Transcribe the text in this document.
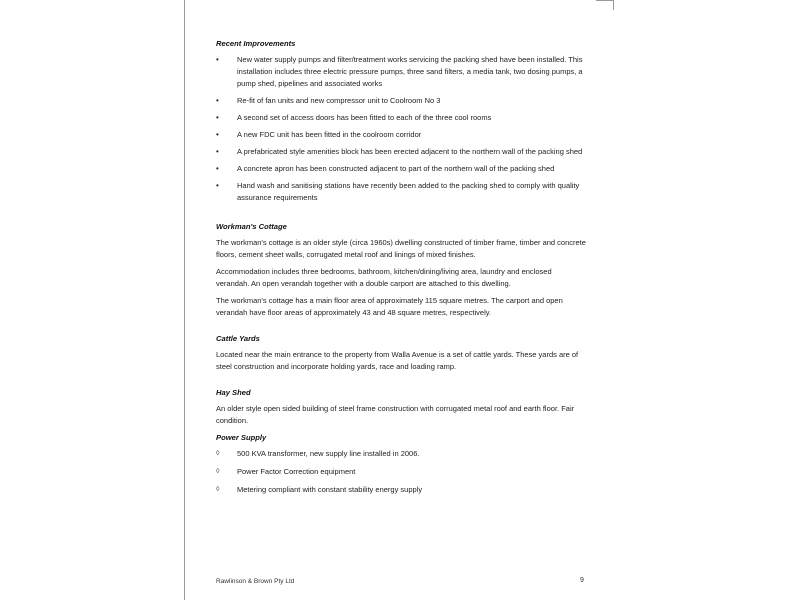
Recent Improvements
•	New water supply pumps and filter/treatment works servicing the packing shed have been installed. This installation includes three electric pressure pumps, three sand filters, a media tank, two dosing pumps, a pump shed, pipelines and associated works
•	Re-fit of fan units and new compressor unit to Coolroom No 3
•	A second set of access doors has been fitted to each of the three cool rooms
•	A new FDC unit has been fitted in the coolroom corridor
•	A prefabricated style amenities block has been erected adjacent to the northern wall of the packing shed
•	A concrete apron has been constructed adjacent to part of the northern wall of the packing shed
•	Hand wash and sanitising stations have recently been added to the packing shed to comply with quality assurance requirements
Workman's Cottage

The workman's cottage is an older style (circa 1960s) dwelling constructed of timber frame, timber and concrete floors, cement sheet walls, corrugated metal roof and linings of mixed finishes.

Accommodation includes three bedrooms, bathroom, kitchen/dining/living area, laundry and enclosed verandah. An open verandah together with a double carport are attached to this dwelling.

The workman's cottage has a main floor area of approximately 115 square metres. The carport and open verandah have floor areas of approximately 43 and 48 square metres, respectively.

Cattle Yards

Located near the main entrance to the property from Walla Avenue is a set of cattle yards. These yards are of steel construction and incorporate holding yards, race and loading ramp.

Hay Shed

An older style open sided building of steel frame construction with corrugated metal roof and earth floor. Fair condition.

Power Supply
◊	500 KVA transformer, new supply line installed in 2006.
◊	Power Factor Correction equipment
◊	Metering compliant with constant stability energy supply
Rawlinson & Brown Pty Ltd	9
